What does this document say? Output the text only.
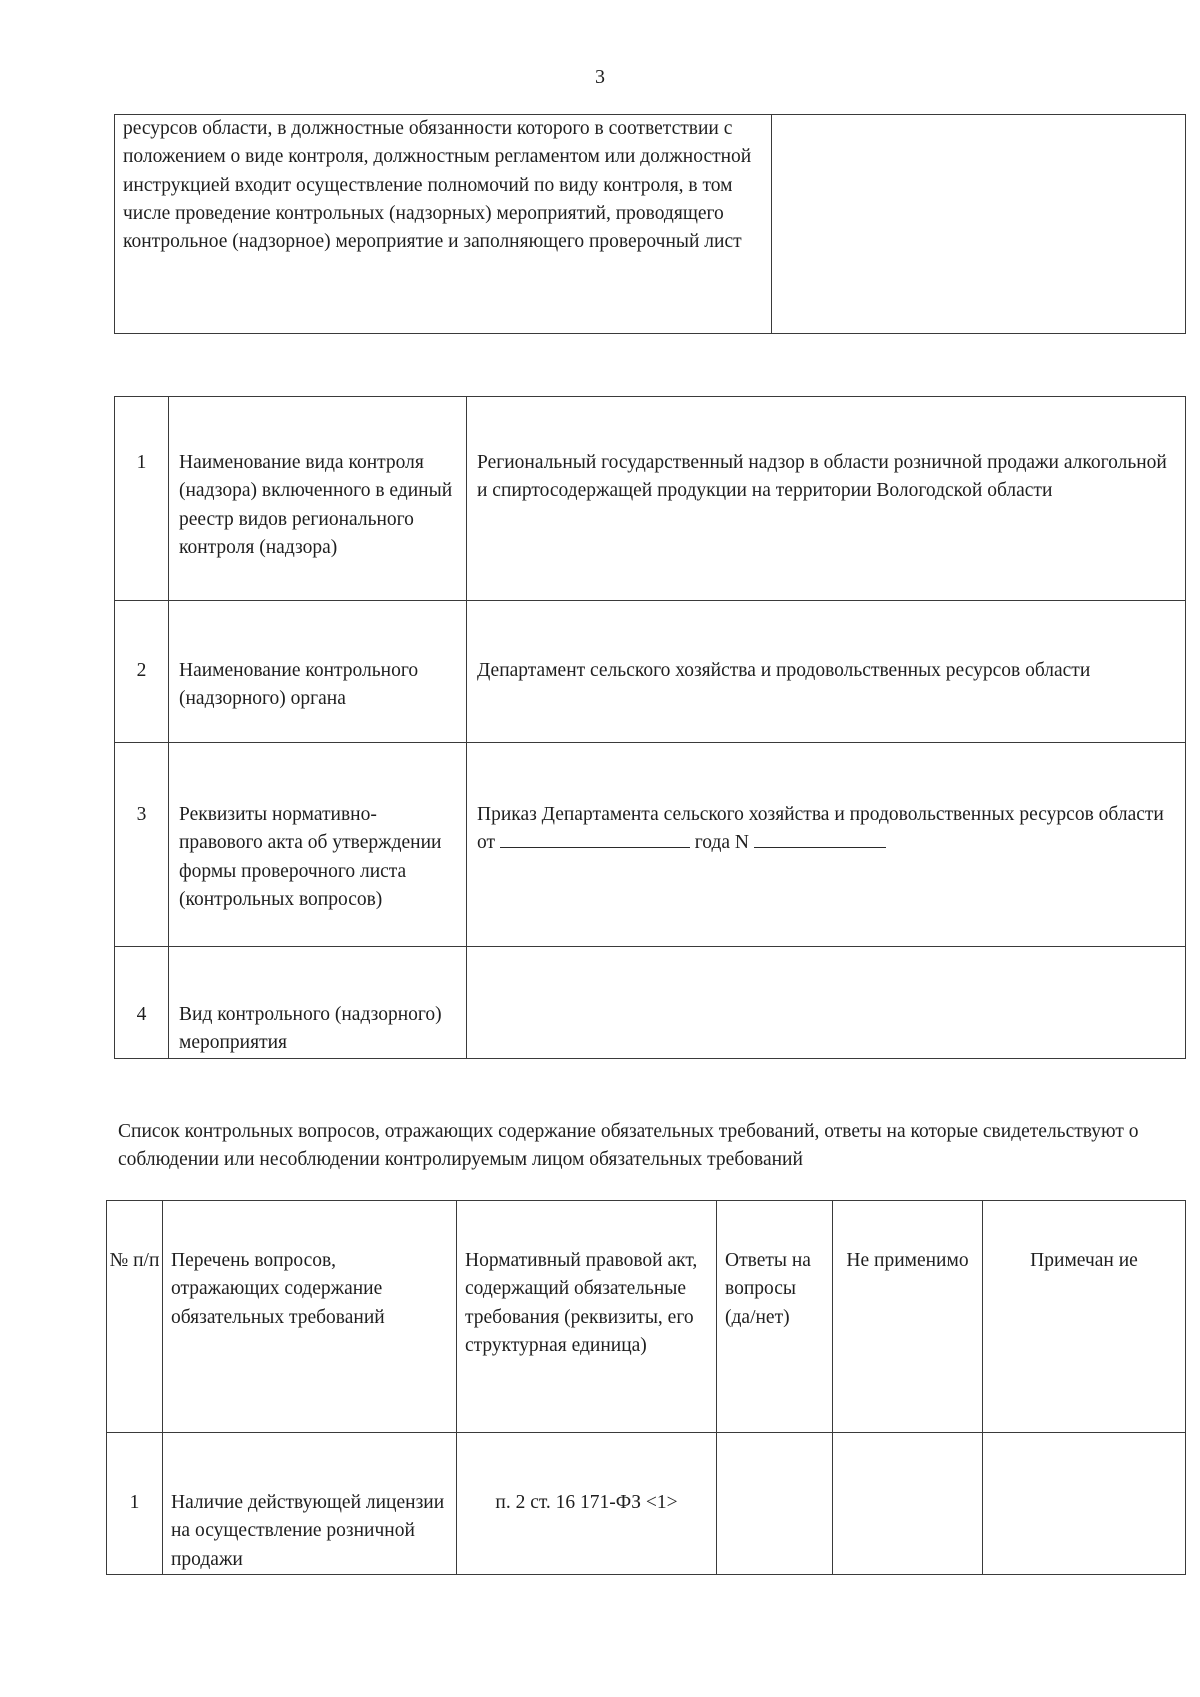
3
ресурсов области, в должностные обязанности которого в соответствии с положением о виде контроля, должностным регламентом или должностной инструкцией входит осуществление полномочий по виду контроля, в том числе проведение контрольных (надзорных) мероприятий, проводящего контрольное (надзорное) мероприятие и заполняющего проверочный лист	
1	Наименование вида контроля (надзора) включенного в единый реестр видов регионального контроля (надзора)	Региональный государственный надзор в области розничной продажи алкогольной и спиртосодержащей продукции на территории Вологодской области
2	Наименование контрольного (надзорного) органа	Департамент сельского хозяйства и продовольственных ресурсов области
3	Реквизиты нормативно-правового акта об утверждении формы проверочного листа (контрольных вопросов)	Приказ Департамента сельского хозяйства и продовольственных ресурсов области от года N
4	Вид контрольного (надзорного) мероприятия	
Список контрольных вопросов, отражающих содержание обязательных требований, ответы на которые свидетельствуют о соблюдении или несоблюдении контролируемым лицом обязательных требований
№ п/п	Перечень вопросов, отражающих содержание обязательных требований	Нормативный правовой акт, содержащий обязательные требования (реквизиты, его структурная единица)	Ответы на вопросы (да/нет)	Не применимо	Примечан ие
1	Наличие действующей лицензии на осуществление розничной продажи	п. 2 ст. 16 171-ФЗ <1>			
